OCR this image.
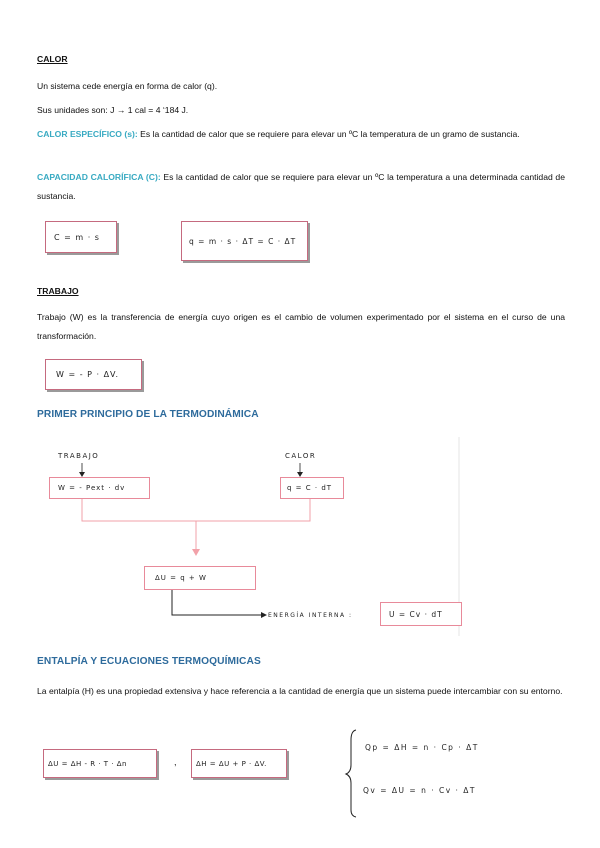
CALOR
Un sistema cede energía en forma de calor (q).
Sus unidades son: J → 1 cal = 4 ‘184 J.
CALOR ESPECÍFICO (s): Es la cantidad de calor que se requiere para elevar un ºC la temperatura de un gramo de sustancia.
CAPACIDAD CALORÍFICA (C): Es la cantidad de calor que se requiere para elevar un ºC la temperatura a una determinada cantidad de sustancia.
C = m · s	q = m · s · ΔT = C · ΔT
TRABAJO
Trabajo (W) es la transferencia de energía cuyo origen es el cambio de volumen experimentado por el sistema en el curso de una transformación.
W = - P · ΔV.
PRIMER PRINCIPIO DE LA TERMODINÁMICA
TRABAJO	CALOR
W = - Pext · dv	q = C · dT
ΔU = q + W
ENERGÍA INTERNA :	U = Cv · dT
ENTALPÍA Y ECUACIONES TERMOQUÍMICAS
La entalpía (H) es una propiedad extensiva y hace referencia a la cantidad de energía que un sistema puede intercambiar con su entorno.
ΔU = ΔH - R · T · Δn	,	ΔH = ΔU + P · ΔV.
Qp = ΔH = n · Cp · ΔT
Qv = ΔU = n · Cv · ΔT
